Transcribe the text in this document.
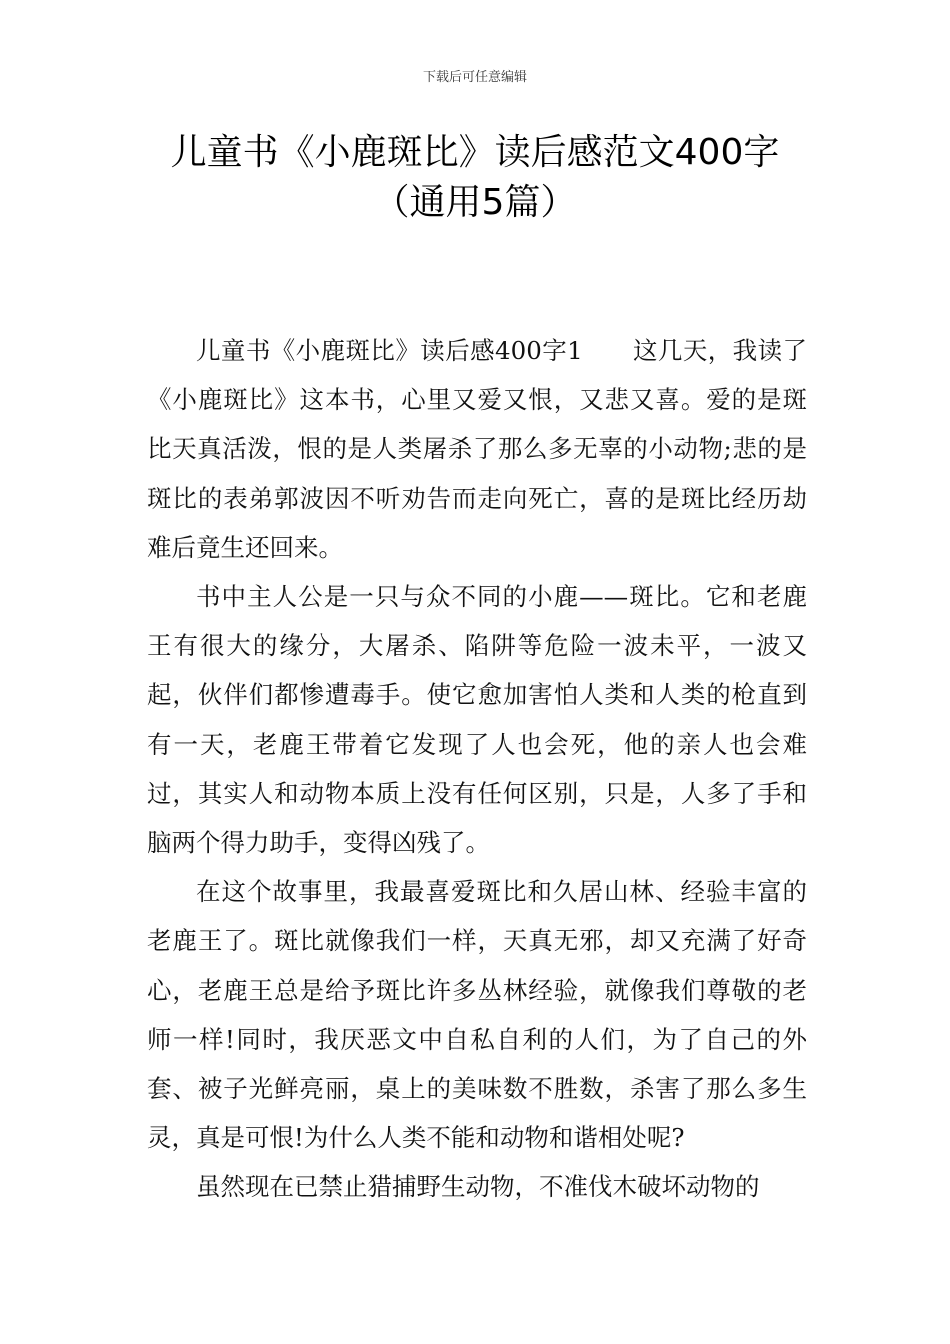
下载后可任意编辑
儿童书《小鹿斑比》读后感范文400字
（通用5篇）

儿童书《小鹿斑比》读后感400字1　　这几天，我读了《小鹿斑比》这本书，心里又爱又恨，又悲又喜。爱的是斑比天真活泼，恨的是人类屠杀了那么多无辜的小动物;悲的是斑比的表弟郭波因不听劝告而走向死亡，喜的是斑比经历劫难后竟生还回来。

书中主人公是一只与众不同的小鹿——斑比。它和老鹿王有很大的缘分，大屠杀、陷阱等危险一波未平，一波又起，伙伴们都惨遭毒手。使它愈加害怕人类和人类的枪直到有一天，老鹿王带着它发现了人也会死，他的亲人也会难过，其实人和动物本质上没有任何区别，只是，人多了手和脑两个得力助手，变得凶残了。

在这个故事里，我最喜爱斑比和久居山林、经验丰富的老鹿王了。斑比就像我们一样，天真无邪，却又充满了好奇心，老鹿王总是给予斑比许多丛林经验，就像我们尊敬的老师一样!同时，我厌恶文中自私自利的人们，为了自己的外套、被子光鲜亮丽，桌上的美味数不胜数，杀害了那么多生灵，真是可恨!为什么人类不能和动物和谐相处呢?

虽然现在已禁止猎捕野生动物，不准伐木破坏动物的
